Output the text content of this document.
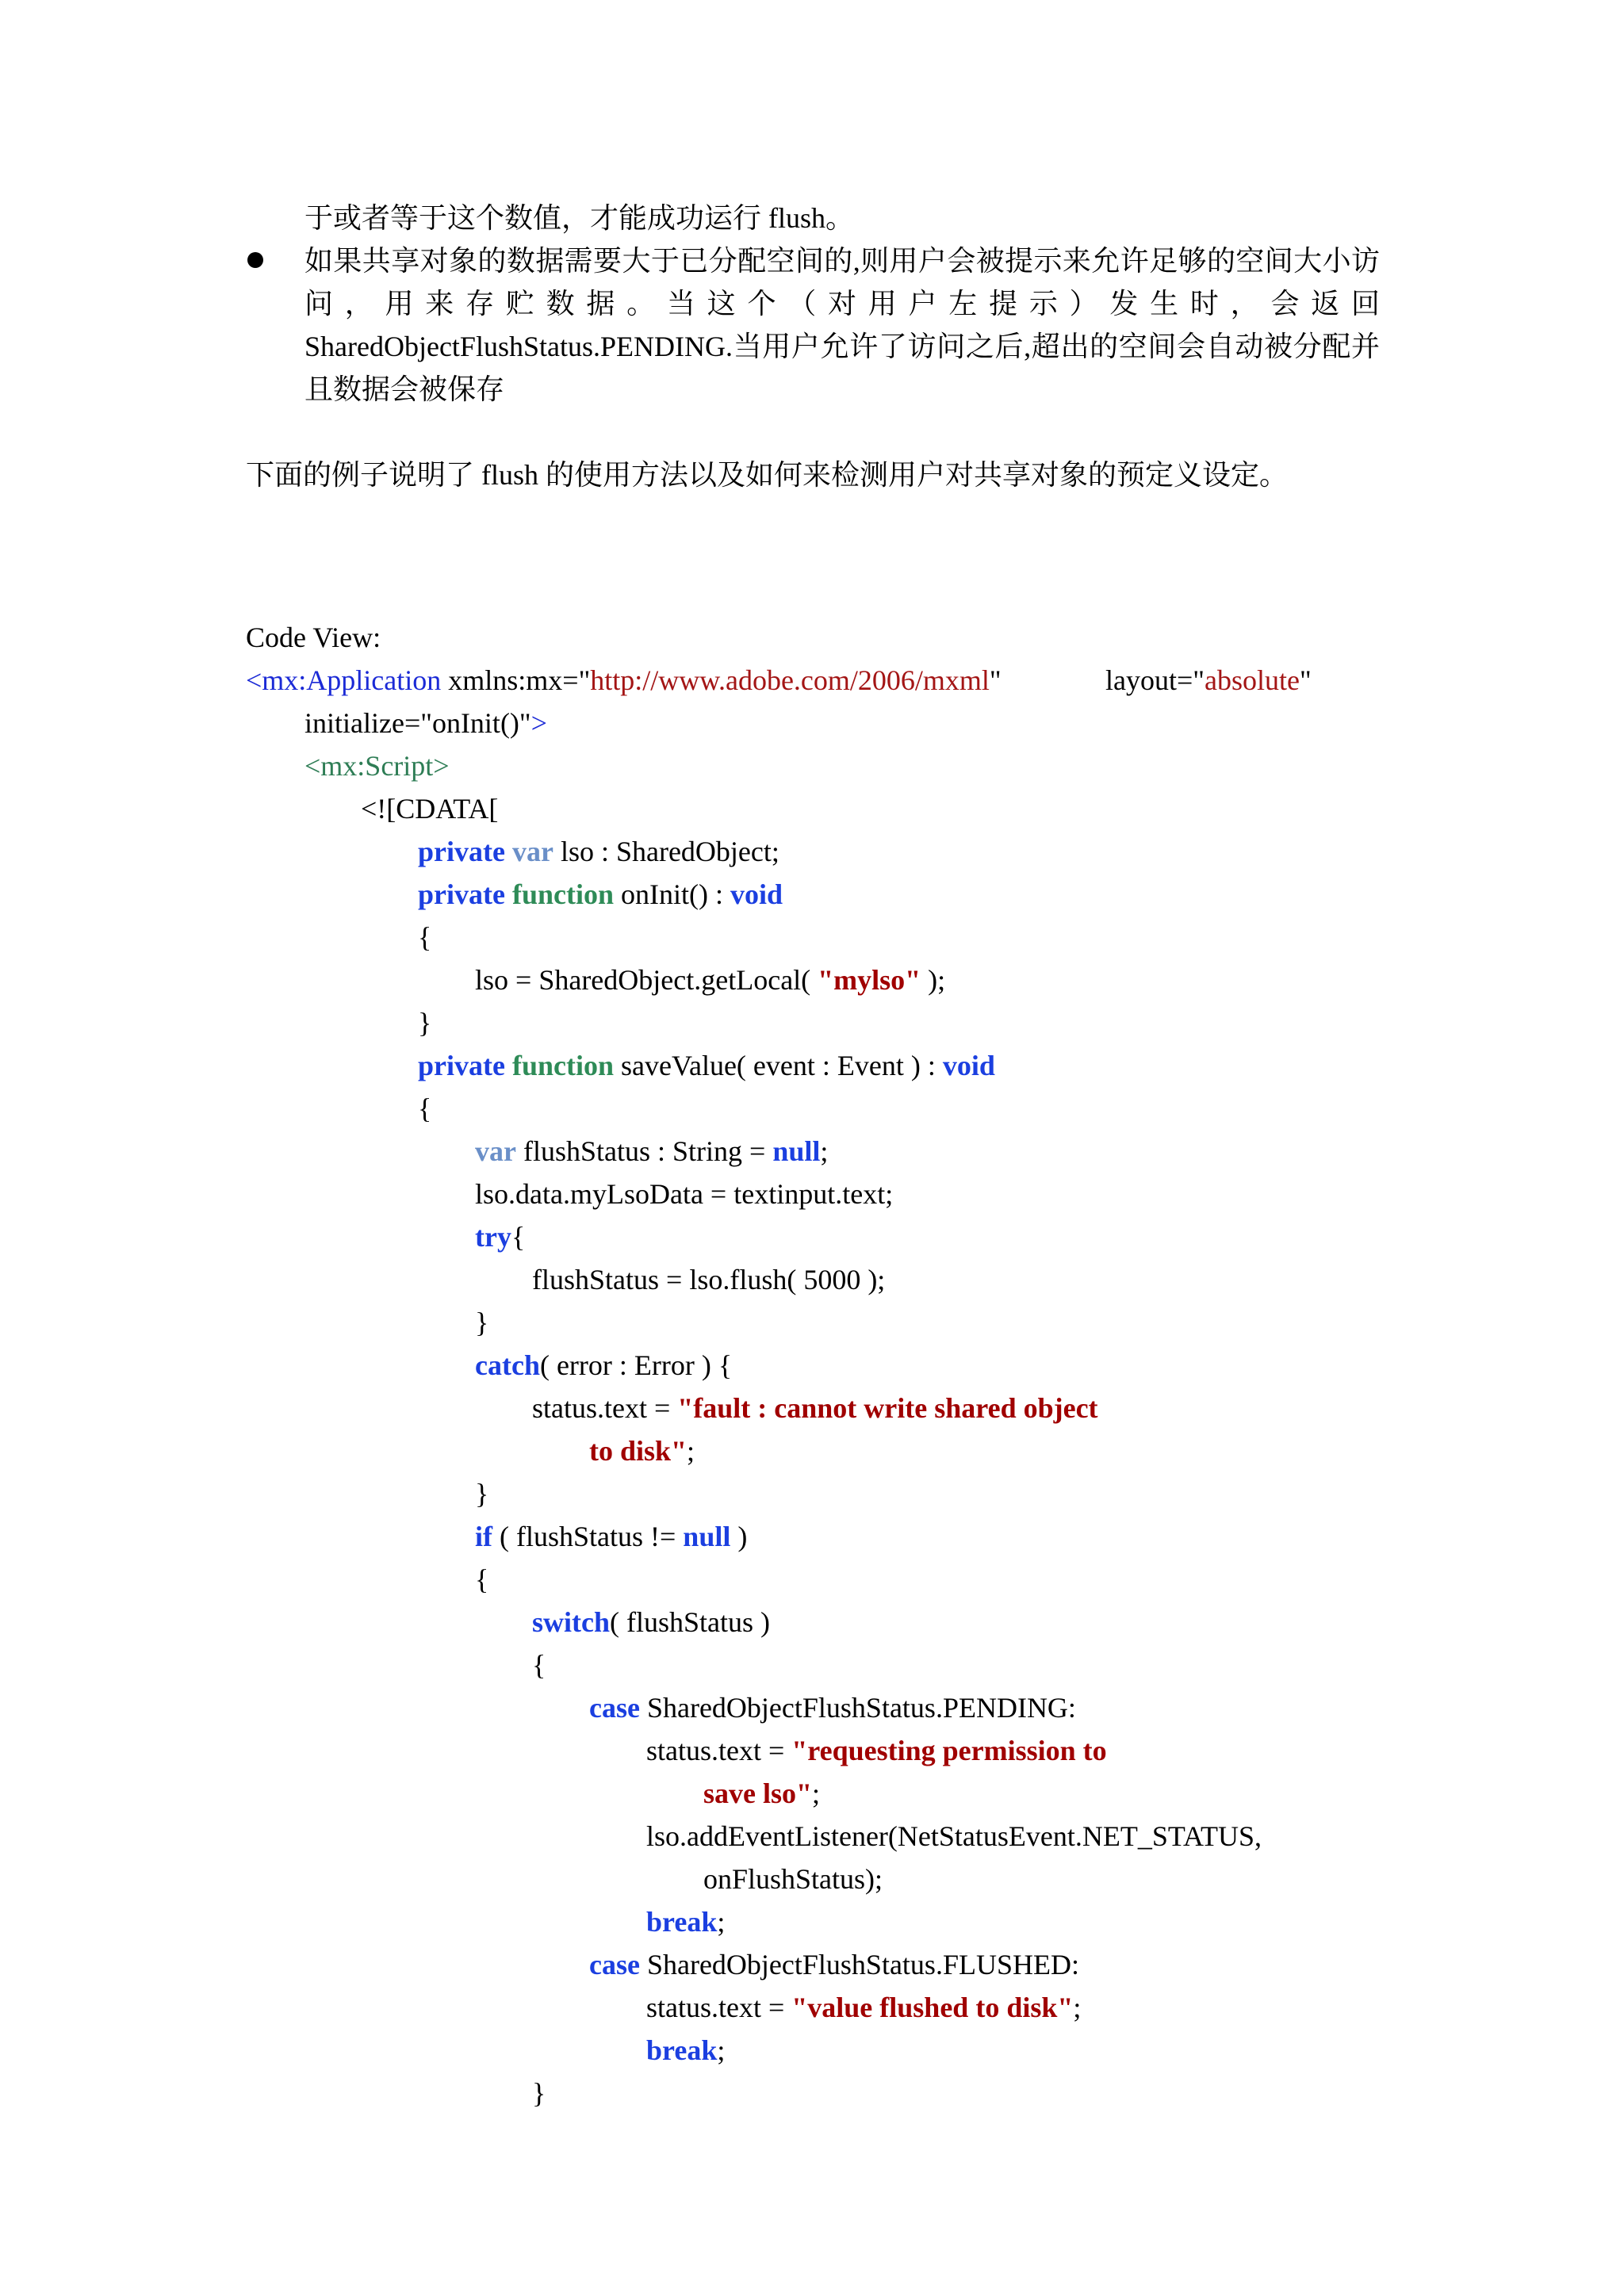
于或者等于这个数值，才能成功运行 flush。
如果共享对象的数据需要大于已分配空间的,则用户会被提示来允许足够的空间大小访
问 ， 用 来 存 贮 数 据 。 当 这 个 （ 对 用 户 左 提 示 ） 发 生 时 ， 会 返 回
SharedObjectFlushStatus.PENDING.当用户允许了访问之后,超出的空间会自动被分配并
且数据会被保存
下面的例子说明了 flush 的使用方法以及如何来检测用户对共享对象的预定义设定。
Code View:
<mx:Application xmlns:mx="http://www.adobe.com/2006/mxml"	layout="absolute"
initialize="onInit()">
<mx:Script>
<![CDATA[
private var lso : SharedObject;
private function onInit() : void
{
lso = SharedObject.getLocal( "mylso" );
}
private function saveValue( event : Event ) : void
{
var flushStatus : String = null;
lso.data.myLsoData = textinput.text;
try{
flushStatus = lso.flush( 5000 );
}
catch( error : Error ) {
status.text = "fault : cannot write shared object
to disk";
}
if ( flushStatus != null )
{
switch( flushStatus )
{
case SharedObjectFlushStatus.PENDING:
status.text = "requesting permission to
save lso";
lso.addEventListener(NetStatusEvent.NET_STATUS,
onFlushStatus);
break;
case SharedObjectFlushStatus.FLUSHED:
status.text = "value flushed to disk";
break;
}
